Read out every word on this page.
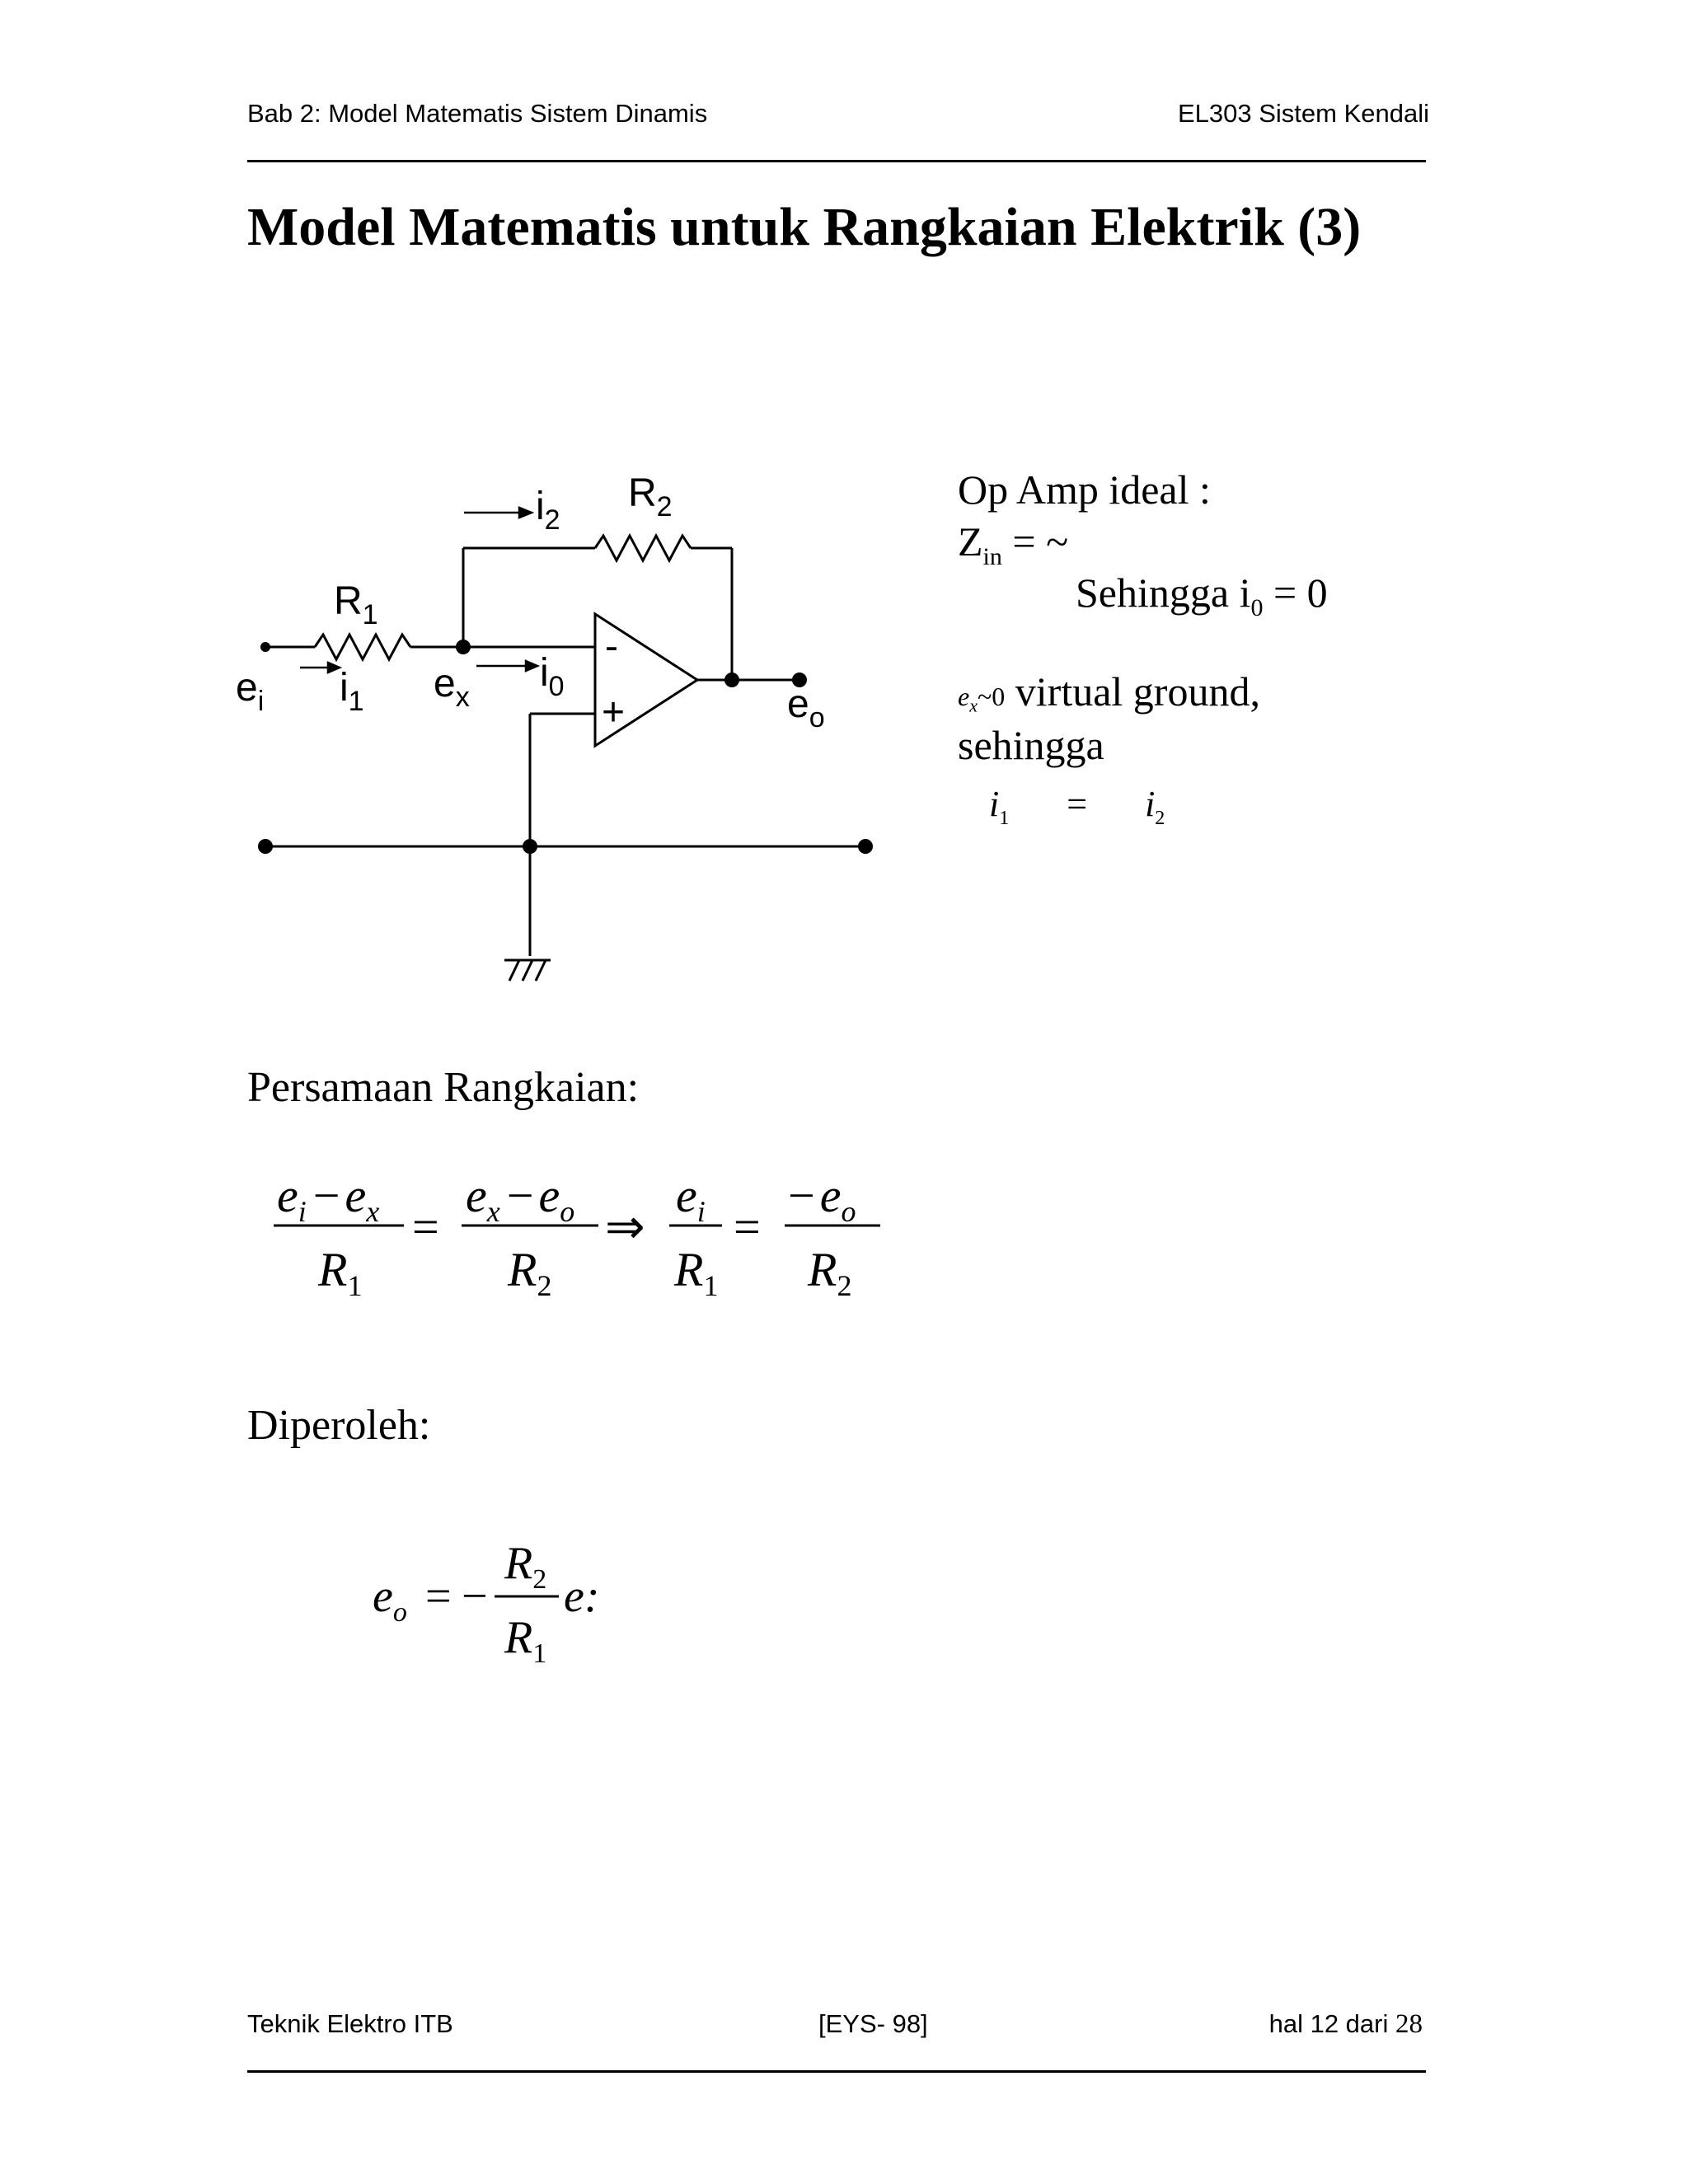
Bab 2: Model Matematis Sistem Dinamis	EL303 Sistem Kendali
Model Matematis untuk Rangkaian Elektrik (3)
$i_2$
$R_2$
$R_1$
$e_i$ $i_1$ $e_x$
$i_0$
-
+	$e_o$
Op Amp ideal :
$Z_{in}$ = ~
Sehingga $i_0 = 0$
$e_x\sim 0$ virtual ground,
sehingga
$i_1 = i_2$
Persamaan Rangkaian:
$e_i - e_x$
$R_1$
=
$e_x - e_o$
$R_2$
⇒
$e_i$
$R_1$
=
− $e_o$
$R_2$
Diperoleh:
$e_o$ = −
$R_2$
$R_1$
e:
Teknik Elektro ITB	[EYS- 98]	hal 12 dari 28
